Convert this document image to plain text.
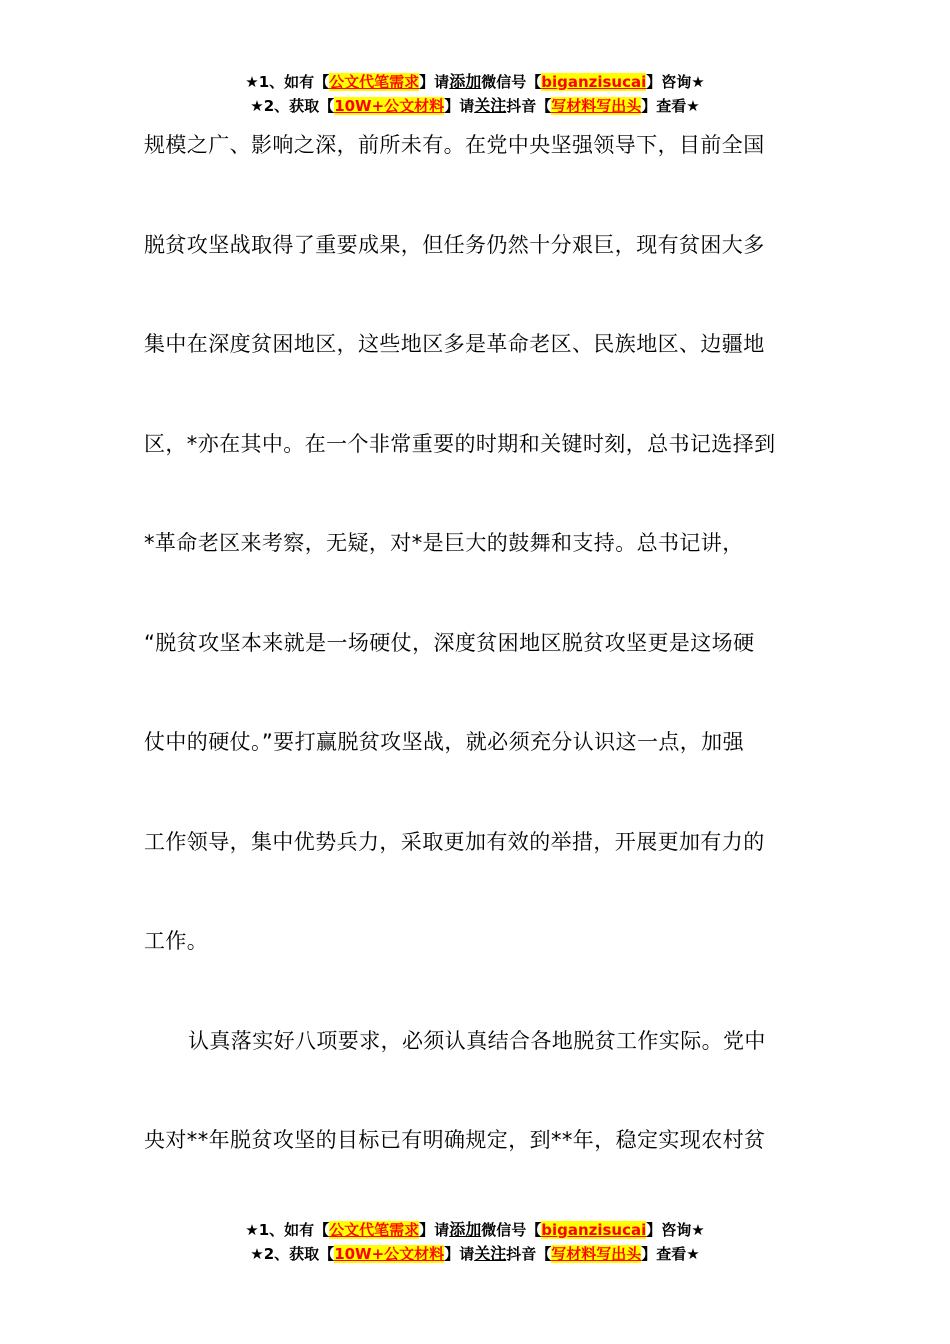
★1、如有【公文代笔需求】请添加微信号【biganzisucai】咨询★
★2、获取【10W+公文材料】请关注抖音【写材料写出头】查看★
规模之广、影响之深，前所未有。在党中央坚强领导下，目前全国
脱贫攻坚战取得了重要成果，但任务仍然十分艰巨，现有贫困大多
集中在深度贫困地区，这些地区多是革命老区、民族地区、边疆地
区，*亦在其中。在一个非常重要的时期和关键时刻，总书记选择到
*革命老区来考察，无疑，对*是巨大的鼓舞和支持。总书记讲，
“脱贫攻坚本来就是一场硬仗，深度贫困地区脱贫攻坚更是这场硬
仗中的硬仗。”要打赢脱贫攻坚战，就必须充分认识这一点，加强
工作领导，集中优势兵力，采取更加有效的举措，开展更加有力的
工作。
认真落实好八项要求，必须认真结合各地脱贫工作实际。党中
央对**年脱贫攻坚的目标已有明确规定，到**年，稳定实现农村贫
★1、如有【公文代笔需求】请添加微信号【biganzisucai】咨询★
★2、获取【10W+公文材料】请关注抖音【写材料写出头】查看★
